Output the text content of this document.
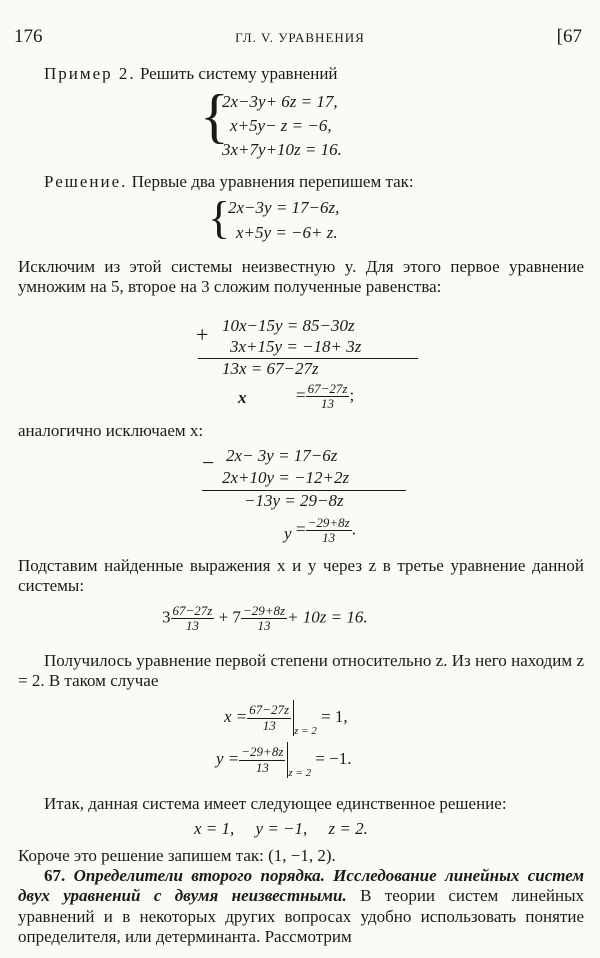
176	ГЛ. V. УРАВНЕНИЯ	[67
Пример 2. Решить систему уравнений
{
2x−3y+ 6z = 17,
x+5y− z = −6,
3x+7y+10z = 16.
Решение. Первые два уравнения перепишем так:
{
2x−3y = 17−6z,
x+5y = −6+ z.
Исключим из этой системы неизвестную y. Для этого первое уравнение умножим на 5, второе на 3 сложим полученные равенства:
+ 10x−15y = 85−30z
3x+15y = −18+ 3z
13x = 67−27z
x	= $\frac{67-27z}{13}$ ;
аналогично исключаем x:
− 2x− 3y = 17−6z
2x+10y = −12+2z
−13y = 29−8z
$y = \frac{-29+8z}{13}$ .
Подставим найденные выражения x и y через z в третье уравнение данной системы:
$3 \frac{67-27z}{13} + 7 \frac{-29+8z}{13} + 10z = 16$.
Получилось уравнение первой степени относительно z. Из него находим z = 2. В таком случае
$x = \frac{67-27z}{13} _{z = 2} = 1$,
$y = \frac{-29+8z}{13} _{z = 2} = -1$.
Итак, данная система имеет следующее единственное решение:
x = 1,     y = −1,     z = 2.
Короче это решение запишем так: (1, −1, 2).
67. Определители второго порядка. Исследование линейных систем двух уравнений с двумя неизвестными. В теории систем линейных уравнений и в некоторых других вопросах удобно использовать понятие определителя, или детерминанта. Рассмотрим
